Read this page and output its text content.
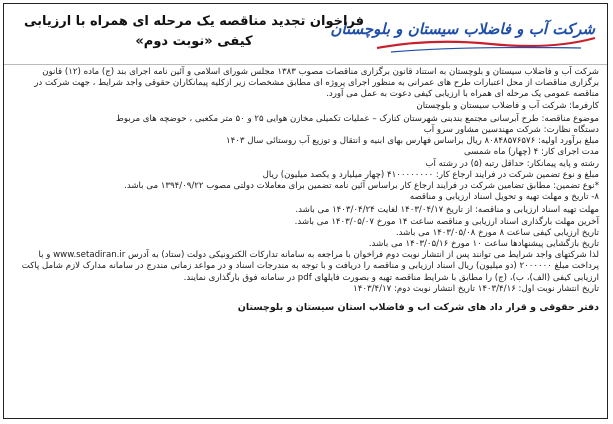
شرکت آب و فاضلاب سیستان و بلوچستان
فراخوان تجدید مناقصه یک مرحله ای همراه با ارزیابی کیفی «نوبت دوم»
شرکت آب و فاضلاب سیستان و بلوچستان به استناد قانون برگزاری مناقصات مصوب ۱۳۸۳ مجلس شورای اسلامی و آئین نامه اجرای بند (ج) ماده (۱۲) قانون برگزاری مناقصات از محل اعتبارات طرح های عمرانی به منظور اجرای پروژه ای مطابق مشخصات زیر ازکلیه پیمانکاران حقوقی واجد شرایط ، جهت شرکت در مناقصه عمومی یک مرحله ای همراه با ارزیابی کیفی دعوت به عمل می آورد.
کارفرما: شرکت آب و فاضلاب سیستان و بلوچستان
موضوع مناقصه: طرح آبرسانی مجتمع بندبنی شهرستان کنارک – عملیات تکمیلی مخازن هوایی ۲۵ و ۵۰ متر مکعبی ، حوضچه های مربوط
دستگاه نظارت: شرکت مهندسین مشاور سرو آب
مبلغ برآورد اولیه: ۸۰۸۴۸۵۷۶۵۷۶ ریال براساس فهارس بهای ابنیه و انتقال و توزیع آب روستائی سال ۱۴۰۳
مدت اجرای کار: ۴ (چهار) ماه شمسی
رشته و پایه پیمانکار: حداقل رتبه (۵) در رشته آب
مبلغ و نوع تضمین شرکت در فرایند ارجاع کار: ۴۱۰۰۰۰۰۰۰۰ (چهار میلیارد و یکصد میلیون) ریال
*نوع تضمین: مطابق تضامین شرکت در فرایند ارجاع کار براساس آئین نامه تضمین برای معاملات دولتی مصوب ۱۳۹۴/۰۹/۲۲ می باشد.
۸- تاریخ و مهلت تهیه و تحویل اسناد ارزیابی و مناقصه
مهلت تهیه اسناد ارزیابی و مناقصه: از تاریخ ۱۴۰۳/۰۴/۱۷ لغایت ۱۴۰۳/۰۴/۲۴ می باشد.
آخرین مهلت بارگذاری اسناد ارزیابی و مناقصه ساعت ۱۴ مورخ ۱۴۰۳/۰۵/۰۷ می باشد.
تاریخ ارزیابی کیفی ساعت ۸ مورخ ۱۴۰۳/۰۵/۰۸ می باشد.
تاریخ بازگشایی پیشنهادها ساعت ۱۰ مورخ ۱۴۰۳/۰۵/۱۶ می باشد.
لذا شرکتهای واجد شرایط می توانند پس از انتشار نوبت دوم فراخوان با مراجعه به سامانه تدارکات الکترونیکی دولت (ستاد) به آدرس www.setadiran.ir و با پرداخت مبلغ ۲۰۰۰۰۰۰ (دو میلیون) ریال اسناد ارزیابی و مناقصه را دریافت و با توجه به مندرجات اسناد و در مواعد زمانی مندرج در سامانه مدارک لازم شامل پاکت ارزیابی کیفی (الف)، ب)، (ج) را مطابق با شرایط مناقصه تهیه و بصورت فایلهای pdf در سامانه فوق بارگذاری نمایند.
تاریخ انتشار نوبت اول: ۱۴۰۳/۴/۱۶ تاریخ انتشار نوبت دوم: ۱۴۰۳/۴/۱۷
دفتر حقوقی و قرار داد های شرکت اب و فاضلاب استان سیستان و بلوچستان
